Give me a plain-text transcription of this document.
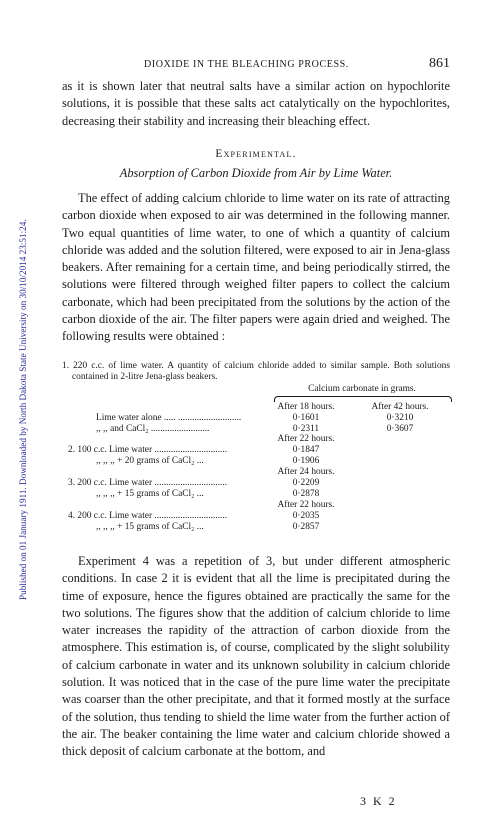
Published on 01 January 1911. Downloaded by North Dakota State University on 30/10/2014 23:51:24.
DIOXIDE IN THE BLEACHING PROCESS.	861

as it is shown later that neutral salts have a similar action on hypochlorite solutions, it is possible that these salts act catalytically on the hypochlorites, decreasing their stability and increasing their bleaching effect.

Experimental.
Absorption of Carbon Dioxide from Air by Lime Water.

The effect of adding calcium chloride to lime water on its rate of attracting carbon dioxide when exposed to air was determined in the following manner. Two equal quantities of lime water, to one of which a quantity of calcium chloride was added and the solution filtered, were exposed to air in Jena-glass beakers. After remaining for a certain time, and being periodically stirred, the solutions were filtered through weighed filter papers to collect the calcium carbonate, which had been precipitated from the solutions by the action of the carbon dioxide of the air. The filter papers were again dried and weighed. The following results were obtained :

1. 220 c.c. of lime water. A quantity of calcium chloride added to similar sample. Both solutions contained in 2-litre Jena-glass beakers.
Calcium carbonate in grams.
After 18 hours.	After 42 hours.
Lime water alone ..... ...........................	0·1601	0·3210
,, ,, and CaCl₂ .........................	0·2311	0·3607
After 22 hours.
2. 100 c.c. Lime water ...............................	0·1847
,, ,, ,, + 20 grams of CaCl₂ ...	0·1906
After 24 hours.
3. 200 c.c. Lime water ...............................	0·2209
,, ,, ,, + 15 grams of CaCl₂ ...	0·2878
After 22 hours.
4. 200 c.c. Lime water ...............................	0·2035
,, ,, ,, + 15 grams of CaCl₂ ...	0·2857

Experiment 4 was a repetition of 3, but under different atmospheric conditions. In case 2 it is evident that all the lime is precipitated during the time of exposure, hence the figures obtained are practically the same for the two solutions. The figures show that the addition of calcium chloride to lime water increases the rapidity of the attraction of carbon dioxide from the atmosphere. This estimation is, of course, complicated by the slight solubility of calcium carbonate in water and its unknown solubility in calcium chloride solution. It was noticed that in the case of the pure lime water the precipitate was coarser than the other precipitate, and that it formed mostly at the surface of the solution, thus tending to shield the lime water from the further action of the air. The beaker containing the lime water and calcium chloride showed a thick deposit of calcium carbonate at the bottom, and

3 K 2
